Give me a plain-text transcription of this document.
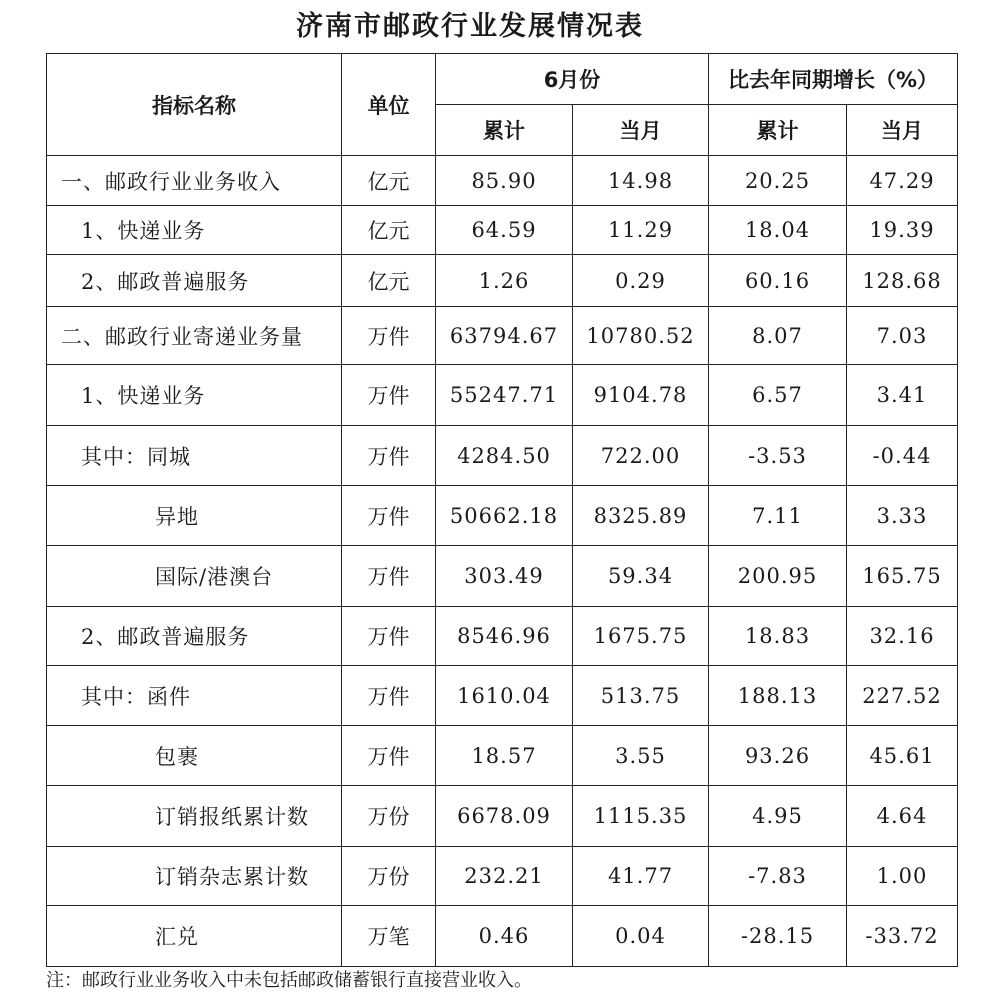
济南市邮政行业发展情况表
指标名称	单位	6月份		比去年同期增长（%）	
		累计	当月	累计	当月
一、邮政行业业务收入	亿元	85.90	14.98	20.25	47.29
1、快递业务	亿元	64.59	11.29	18.04	19.39
2、邮政普遍服务	亿元	1.26	0.29	60.16	128.68
二、邮政行业寄递业务量	万件	63794.67	10780.52	8.07	7.03
1、快递业务	万件	55247.71	9104.78	6.57	3.41
其中：同城	万件	4284.50	722.00	-3.53	-0.44
异地	万件	50662.18	8325.89	7.11	3.33
国际/港澳台	万件	303.49	59.34	200.95	165.75
2、邮政普遍服务	万件	8546.96	1675.75	18.83	32.16
其中：函件	万件	1610.04	513.75	188.13	227.52
包裹	万件	18.57	3.55	93.26	45.61
订销报纸累计数	万份	6678.09	1115.35	4.95	4.64
订销杂志累计数	万份	232.21	41.77	-7.83	1.00
汇兑	万笔	0.46	0.04	-28.15	-33.72
注：邮政行业业务收入中未包括邮政储蓄银行直接营业收入。
